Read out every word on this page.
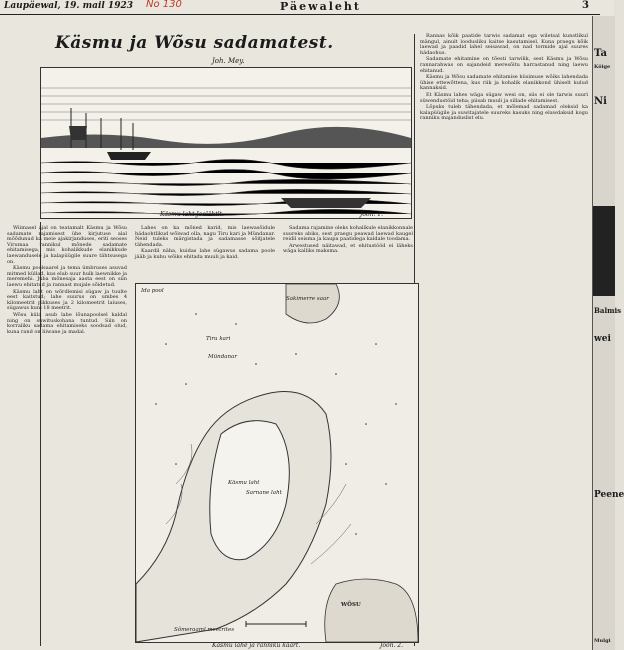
Laupäewal, 19. mail 1923 No 130	Päewaleht	3
Käsmu ja Wõsu sadamatest.
Joh. Mey.
Käsmu laht Joelähtlt.	Joon. 1.

Wiimasel ajal on teatamalt Käsmu ja Wõsu sadamate rajamisest ühe kirjutuse alal mõõdunud ka meie ajakirjanduses, eriti seoses Virumaa rannikul mõnede sadamate ehitamisega, mis kohalikkude elanikkude laewandusele ja kalapüügile suure tähtsusega on.

Käsmu poolsaarel ja tema ümbruses asuvad mitmed küllad, kus elab suur hulk laewnikke ja meremehi. Juba mõnesaja aasta eest on siin laewu ehitatud ja rannast mujale sõidetud.

Käsmu laht on wõrdlemisi sügaw ja tuulte eest kaitstud; lahe suurus on umbes 4 kilomeetrit pikkuses ja 2 kilomeetrit laiuses, sügawus kuni 18 meetrit.

Wõsu küla asub lahe lõunapoolsel kaldal ning on suwituskohana tuntud. Siin on korraliku sadama ehitamiseks soodsad olud, kuna rand on liiwane ja madal.

Lahes on ka mõned karid, mis laewasõidule hädaohtlikud wõiwad olla, nagu Tiru kari ja Mündanar. Neid tuleks märgistada ja sadamasse sõitjatele tähendada.

Kaardil näha, kuidas lahe sügawus sadama poole jääb ja kuhu wõiks ehitada muuli ja kaid.

Sadama rajamine oleks kohalikule elanikkonnale suureks abiks, sest praegu peawad laewad kaugel reidil seisma ja kaupa paatidega kaldale toodama.

Arwestused näitawad, et ehitustööd ei läheks wäga kalliks maksma.

Ida pool
Sakimerre saar
Tiru kari
Mündanar
Käsmu laht
Sarnane laht
WÕSU
Sõmeraaml meetrites
Käsmu lahe ja ranniku kaart.	Joon. 2.

Rannas kõik paatide tarwis sadamat ega wiletsal kunstlikul mängul, ainult loodusliku kaitse kasutamisel. Kuna praegu kõik laewad ja paadid lahel seisawad, on nad tormide ajal suures hädaohus.

Sadamate ehitamine on tõesti tarwilik, sest Käsmu ja Wõsu rannarahwas on sajandeid meresõitu harrastanud ning laewu ehitanud.

Käsmu ja Wõsu sadamate ehitamise küsimuse wõiks lahendada ühise ettewõttena, kus riik ja kohalik elanikkond ühiselt kulud kannaksid.

Et Käsmu lahes wäga sügaw wesi on, siis ei ole tarwis suuri süwendustöid teha; piisab muuli ja sillade ehitamisest.

Lõpuks tuleb tähendada, et mõlemad sadamad oleksid ka kalapüügile ja suwitajatele suureks kasuks ning elawdaksid kogu ranniku majanduslist elu.

Ta
Köige
Ni
Balmis
wei
Peene
Mulgi
